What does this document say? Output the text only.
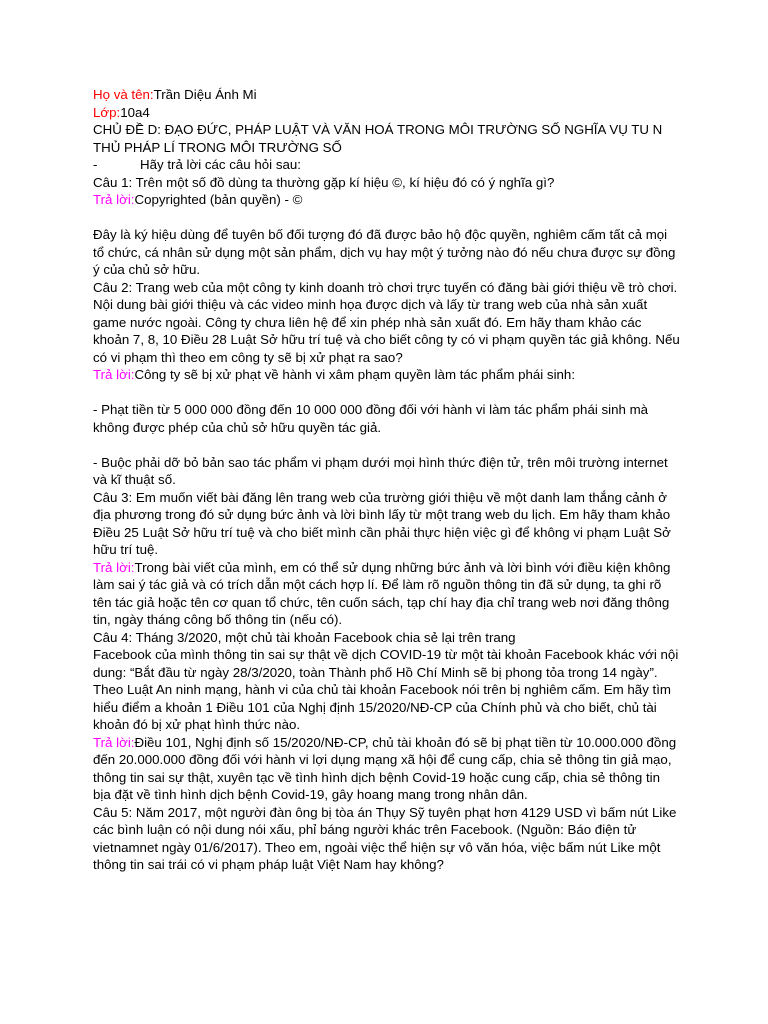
Họ và tên:Trần Diệu Ánh Mi

Lớp:10a4

CHỦ ĐỀ D: ĐẠO ĐỨC, PHÁP LUẬT VÀ VĂN HOÁ TRONG MÔI TRƯỜNG SỐ NGHĨA VỤ TU N THỦ PHÁP LÍ TRONG MÔI TRƯỜNG SỐ

-	Hãy trả lời các câu hỏi sau:

Câu 1: Trên một số đồ dùng ta thường gặp kí hiệu ©, kí hiệu đó có ý nghĩa gì?

Trả lời:Copyrighted (bản quyền) - ©

Đây là ký hiệu dùng để tuyên bố đối tượng đó đã được bảo hộ độc quyền, nghiêm cấm tất cả mọi tổ chức, cá nhân sử dụng một sản phẩm, dịch vụ hay một ý tưởng nào đó nếu chưa được sự đồng ý của chủ sở hữu.

Câu 2: Trang web của một công ty kinh doanh trò chơi trực tuyến có đăng bài giới thiệu về trò chơi. Nội dung bài giới thiệu và các video minh họa được dịch và lấy từ trang web của nhà sản xuất game nước ngoài. Công ty chưa liên hệ để xin phép nhà sản xuất đó. Em hãy tham khảo các khoản 7, 8, 10 Điều 28 Luật Sở hữu trí tuệ và cho biết công ty có vi phạm quyền tác giả không. Nếu có vi phạm thì theo em công ty sẽ bị xử phạt ra sao?

Trả lời:Công ty sẽ bị xử phạt về hành vi xâm phạm quyền làm tác phẩm phái sinh:

- Phạt tiền từ 5 000 000 đồng đến 10 000 000 đồng đối với hành vi làm tác phẩm phái sinh mà không được phép của chủ sở hữu quyền tác giả.

- Buộc phải dỡ bỏ bản sao tác phẩm vi phạm dưới mọi hình thức điện tử, trên môi trường internet và kĩ thuật số.

Câu 3: Em muốn viết bài đăng lên trang web của trường giới thiệu về một danh lam thắng cảnh ở địa phương trong đó sử dụng bức ảnh và lời bình lấy từ một trang web du lịch. Em hãy tham khảo Điều 25 Luật Sở hữu trí tuệ và cho biết mình cần phải thực hiện việc gì để không vi phạm Luật Sở hữu trí tuệ.

Trả lời:Trong bài viết của mình, em có thể sử dụng những bức ảnh và lời bình với điều kiện không làm sai ý tác giả và có trích dẫn một cách hợp lí. Để làm rõ nguồn thông tin đã sử dụng, ta ghi rõ tên tác giả hoặc tên cơ quan tổ chức, tên cuốn sách, tạp chí hay địa chỉ trang web nơi đăng thông tin, ngày tháng công bố thông tin (nếu có).

Câu 4: Tháng 3/2020, một chủ tài khoản Facebook chia sẻ lại trên trang

Facebook của mình thông tin sai sự thật về dịch COVID-19 từ một tài khoản Facebook khác với nội dung: “Bắt đầu từ ngày 28/3/2020, toàn Thành phố Hồ Chí Minh sẽ bị phong tỏa trong 14 ngày”.

Theo Luật An ninh mạng, hành vi của chủ tài khoản Facebook nói trên bị nghiêm cấm. Em hãy tìm hiểu điểm a khoản 1 Điều 101 của Nghị định 15/2020/NĐ-CP của Chính phủ và cho biết, chủ tài khoản đó bị xử phạt hình thức nào.

Trả lời:Điều 101, Nghị định số 15/2020/NĐ-CP, chủ tài khoản đó sẽ bị phạt tiền từ 10.000.000 đồng đến 20.000.000 đồng đối với hành vi lợi dụng mạng xã hội để cung cấp, chia sẻ thông tin giả mạo, thông tin sai sự thật, xuyên tạc về tình hình dịch bệnh Covid-19 hoặc cung cấp, chia sẻ thông tin bịa đặt về tình hình dịch bệnh Covid-19, gây hoang mang trong nhân dân.

Câu 5: Năm 2017, một người đàn ông bị tòa án Thụy Sỹ tuyên phạt hơn 4129 USD vì bấm nút Like các bình luận có nội dung nói xấu, phỉ báng người khác trên Facebook. (Nguồn: Báo điện tử vietnamnet ngày 01/6/2017). Theo em, ngoài việc thể hiện sự vô văn hóa, việc bấm nút Like một thông tin sai trái có vi phạm pháp luật Việt Nam hay không?
